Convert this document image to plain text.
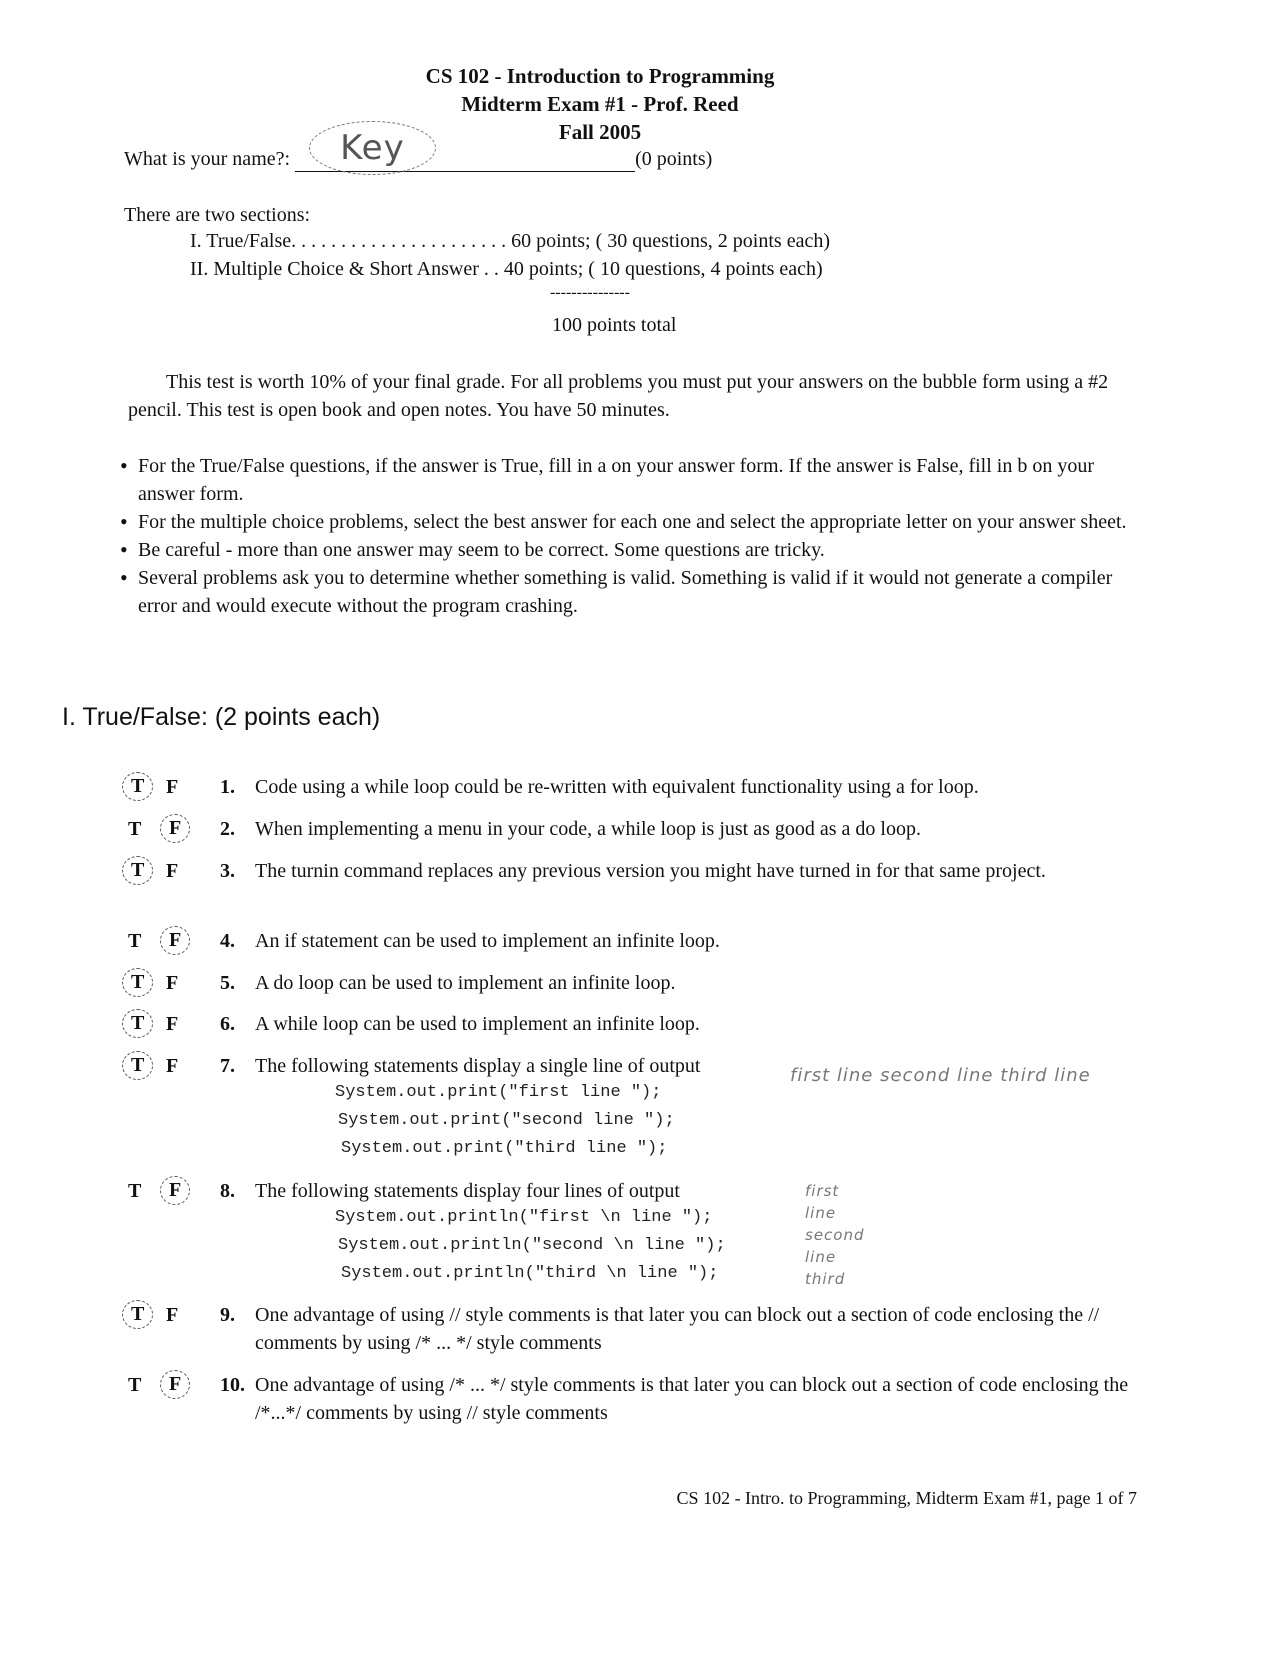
CS 102 - Introduction to Programming
Midterm Exam #1 - Prof. Reed
Fall 2005
What is your name?:	Key	(0 points)
There are two sections:
I. True/False. . . . . . . . . . . . . . . . . . . . . . 60 points; ( 30 questions, 2 points each)
II. Multiple Choice & Short Answer . . 40 points; ( 10 questions, 4 points each)
---------------
100 points total
This test is worth 10% of your final grade. For all problems you must put your answers on the bubble form using a #2 pencil. This test is open book and open notes. You have 50 minutes.
• For the True/False questions, if the answer is True, fill in a on your answer form. If the answer is False, fill in b on your answer form.
• For the multiple choice problems, select the best answer for each one and select the appropriate letter on your answer sheet.
• Be careful - more than one answer may seem to be correct. Some questions are tricky.
• Several problems ask you to determine whether something is valid. Something is valid if it would not generate a compiler error and would execute without the program crashing.
I. True/False: (2 points each)
T	F 1. Code using a while loop could be re-written with equivalent functionality using a for loop.
T	F	2. When implementing a menu in your code, a while loop is just as good as a do loop.
T	F 3. The turnin command replaces any previous version you might have turned in for that same project.
T	F	4. An if statement can be used to implement an infinite loop.
T	F 5. A do loop can be used to implement an infinite loop.
T	F 6. A while loop can be used to implement an infinite loop.
T	F 7. The following statements display a single line of output
System.out.print("first line ");
System.out.print("second line ");
System.out.print("third line ");
first line second line third line
T	F	8. The following statements display four lines of output
System.out.println("first \n line ");
System.out.println("second \n line ");
System.out.println("third \n line ");
first line second line third
T	F 9. One advantage of using // style comments is that later you can block out a section of code enclosing the // comments by using /* ... */ style comments
T	F	10. One advantage of using /* ... */ style comments is that later you can block out a section of code enclosing the /*...*/ comments by using // style comments
CS 102 - Intro. to Programming, Midterm Exam #1, page 1 of 7
